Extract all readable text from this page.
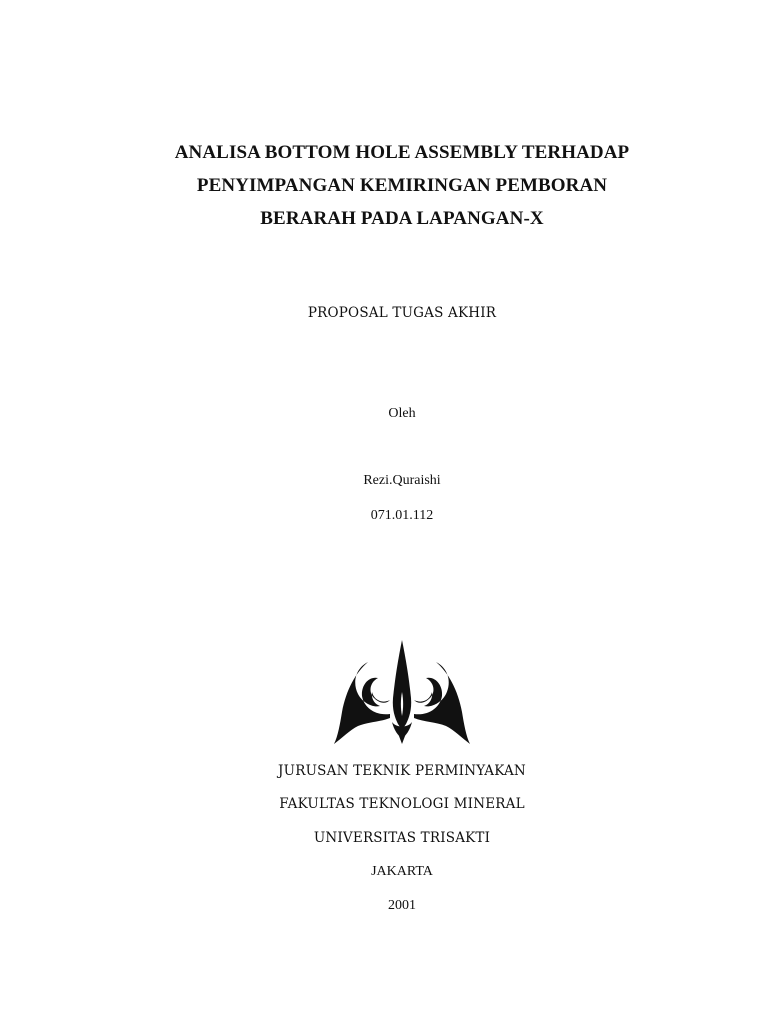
ANALISA BOTTOM HOLE ASSEMBLY TERHADAP
PENYIMPANGAN KEMIRINGAN PEMBORAN
BERARAH PADA LAPANGAN-X
PROPOSAL TUGAS AKHIR
Oleh
Rezi.Quraishi
071.01.112
JURUSAN TEKNIK PERMINYAKAN
FAKULTAS TEKNOLOGI MINERAL
UNIVERSITAS TRISAKTI
JAKARTA
2001
